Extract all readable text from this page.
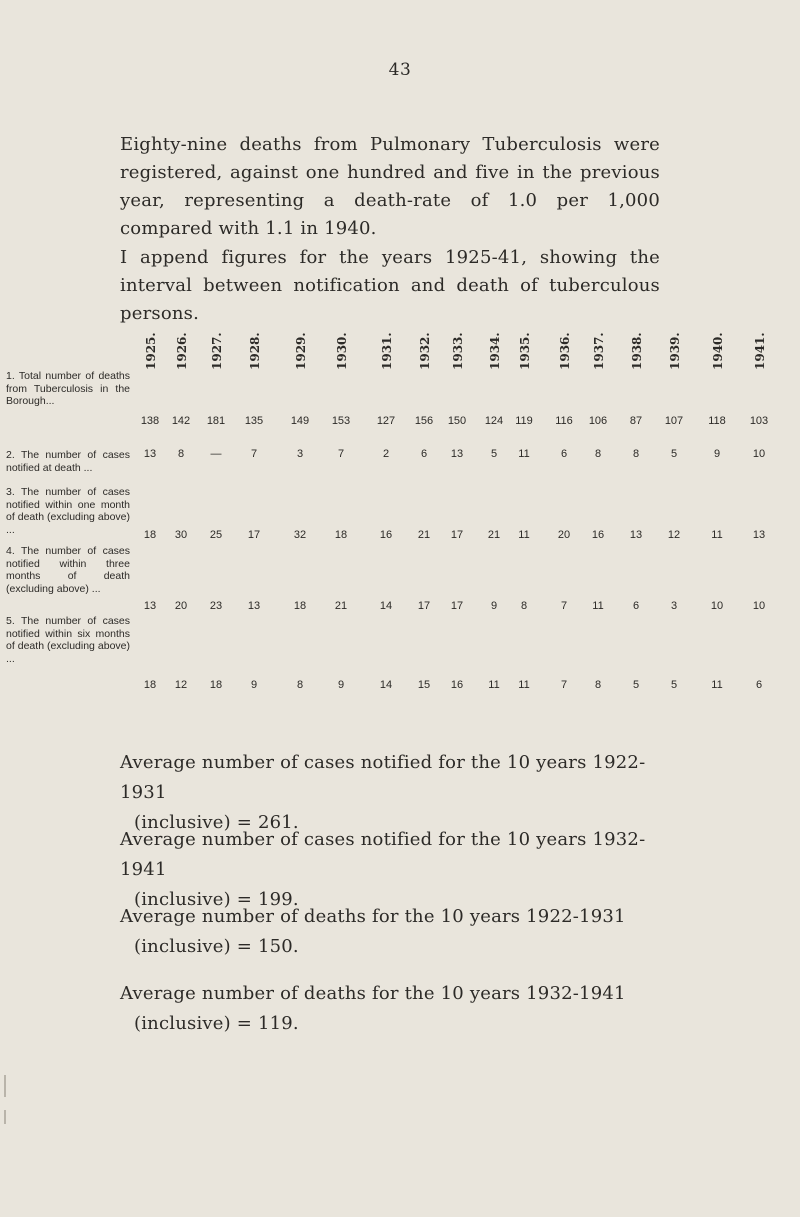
43

Eighty-nine deaths from Pulmonary Tuberculosis were registered, against one hundred and five in the previous year, representing a death-rate of 1.0 per 1,000 compared with 1.1 in 1940.

I append figures for the years 1925-41, showing the interval between notification and death of tuberculous persons.

1925. 1926. 1927. 1928.	1929. 1930.	1931. 1932. 1933. 1934. 1935. 1936. 1937. 1938. 1939. 1940. 1941.
1. Total number of deaths from Tuberculosis in the Borough...
138	142	181	135	149	153	127	156	150	124	119	116	106	87	107	118	103
2. The number of cases notified at death ...
13	8	—	7	3	7	2	6	13	5	11	6	8	8	5	9	10
3. The number of cases notified within one month of death (excluding above) ...	18	30	25	17	32	18	16	21	17	21	11	20	16	13	12	11	13
4. The number of cases notified within three months of death (excluding above) ...
13	20	23	13	18	21	14	17	17	9	8	7	11	6	3	10	10
5. The number of cases notified within six months of death (excluding above) ...
18	12	18	9	8	9	14	15	16	11	11	7	8	5	5	11	6
Average number of cases notified for the 10 years 1922-1931
(inclusive) = 261.
Average number of cases notified for the 10 years 1932-1941
(inclusive) = 199.
Average number of deaths for the 10 years 1922-1931
(inclusive) = 150.
Average number of deaths for the 10 years 1932-1941
(inclusive) = 119.
